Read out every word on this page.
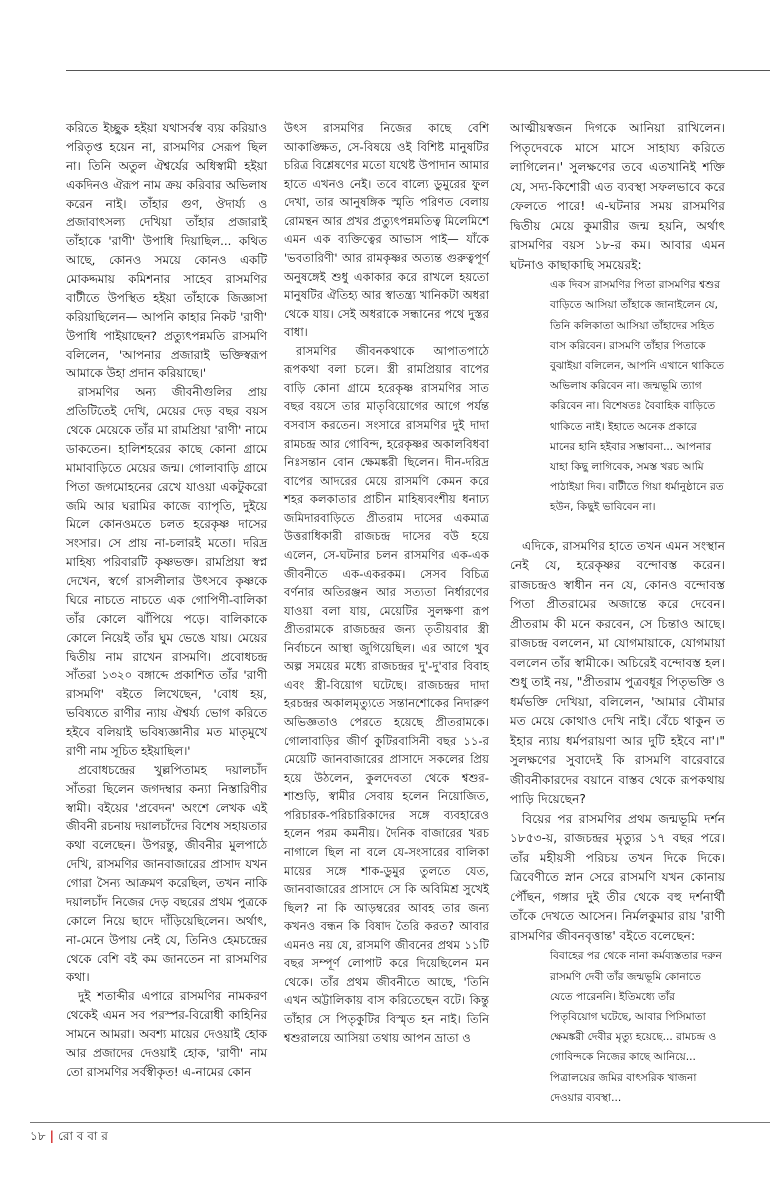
করিতে ইচ্ছুক হইয়া যথাসর্বস্ব ব্যয় করিয়াও পরিতৃপ্ত হয়েন না, রাসমণির সেরূপ ছিল না। তিনি অতুল ঐশ্বর্যের অধিস্বামী হইয়া একদিনও ঐরূপ নাম ক্রয় করিবার অভিলাষ করেন নাই। তাঁহার গুণ, ঔদার্য্য ও প্রজাবাৎসল্য দেখিয়া তাঁহার প্রজারাই তাঁহাকে 'রাণী' উপাধি দিয়াছিল... কথিত আছে, কোনও সময়ে কোনও একটি মোকদ্দমায় কমিশনার সাহেব রাসমণির বাটীতে উপস্থিত হইয়া তাঁহাকে জিজ্ঞাসা করিয়াছিলেন— আপনি কাহার নিকট 'রাণী' উপাধি পাইয়াছেন? প্রত্যুৎপন্নমতি রাসমণি বলিলেন, 'আপনার প্রজারাই ভক্তিস্বরূপ আমাকে উহা প্রদান করিয়াছে।'

রাসমণির অন্য জীবনীগুলির প্রায় প্রতিটিতেই দেখি, মেয়ের দেড় বছর বয়স থেকে মেয়েকে তাঁর মা রামপ্রিয়া 'রাণী' নামে ডাকতেন। হালিশহরের কাছে কোনা গ্রামে মামাবাড়িতে মেয়ের জন্ম। গোলাবাড়ি গ্রামে পিতা জগমোহনের রেখে যাওয়া একটুকরো জমি আর ঘরামির কাজে ব্যাপৃতি, দুইয়ে মিলে কোনওমতে চলত হরেকৃষ্ণ দাসের সংসার। সে প্রায় না-চলারই মতো। দরিদ্র মাহিষ্য পরিবারটি কৃষ্ণভক্ত। রামপ্রিয়া স্বপ্ন দেখেন, স্বর্গে রাসলীলার উৎসবে কৃষ্ণকে ঘিরে নাচতে নাচতে এক গোপিণী-বালিকা তাঁর কোলে ঝাঁপিয়ে পড়ে। বালিকাকে কোলে নিয়েই তাঁর ঘুম ভেঙে যায়। মেয়ের দ্বিতীয় নাম রাখেন রাসমণি। প্রবোধচন্দ্র সাঁতরা ১৩২০ বঙ্গাব্দে প্রকাশিত তাঁর 'রাণী রাসমণি' বইতে লিখেছেন, 'বোধ হয়, ভবিষ্যতে রাণীর ন্যায় ঐশ্বর্য্য ভোগ করিতে হইবে বলিয়াই ভবিষ্যজ্ঞানীর মত মাতৃমুখে রাণী নাম সূচিত হইয়াছিল।'

প্রবোধচন্দ্রের খুল্লপিতামহ দয়ালচাঁদ সাঁতরা ছিলেন জগদম্বার কন্যা নিস্তারিণীর স্বামী। বইয়ের 'প্রবেদন' অংশে লেখক এই জীবনী রচনায় দয়ালচাঁদের বিশেষ সহায়তার কথা বলেছেন। উপরন্তু, জীবনীর মুলপাঠে দেখি, রাসমণির জানবাজারের প্রাসাদ যখন গোরা সৈন্য আক্রমণ করেছিল, তখন নাকি দয়ালচাঁদ নিজের দেড় বছরের প্রথম পুত্রকে কোলে নিয়ে ছাদে দাঁড়িয়েছিলেন। অর্থাৎ, না-মেনে উপায় নেই যে, তিনিও হেমচন্দ্রের থেকে বেশি বই কম জানতেন না রাসমণির কথা।

দুই শতাব্দীর এপারে রাসমণির নামকরণ থেকেই এমন সব পরস্পর-বিরোধী কাহিনির সামনে আমরা। অবশ্য মায়ের দেওয়াই হোক আর প্রজাদের দেওয়াই হোক, 'রাণী' নাম তো রাসমণির সর্বস্বীকৃত! এ-নামের কোন

উৎস রাসমণির নিজের কাছে বেশি আকাঙ্ক্ষিত, সে-বিষয়ে ওই বিশিষ্ট মানুষটির চরিত্র বিশ্লেষণের মতো যথেষ্ট উপাদান আমার হাতে এখনও নেই। তবে বাল্যে ডুমুরের ফুল দেখা, তার আনুষঙ্গিক স্মৃতি পরিণত বেলায় রোমন্থন আর প্রখর প্রত্যুৎপন্নমতিত্ব মিলেমিশে এমন এক ব্যক্তিত্বের আভাস পাই— যাঁকে 'ভবতারিণী' আর রামকৃষ্ণর অত্যন্ত গুরুত্বপূর্ণ অনুষঙ্গেই শুধু একাকার করে রাখলে হয়তো মানুষটির ঐতিহ্য আর স্বাতন্ত্র্য খানিকটা অধরা থেকে যায়। সেই অধরাকে সন্ধানের পথে দুস্তর বাধা।

রাসমণির জীবনকথাকে আপাতপাঠে রূপকথা বলা চলে। স্ত্রী রামপ্রিয়ার বাপের বাড়ি কোনা গ্রামে হরেকৃষ্ণ রাসমণির সাত বছর বয়সে তার মাতৃবিয়োগের আগে পর্যন্ত বসবাস করতেন। সংসারে রাসমণির দুই দাদা রামচন্দ্র আর গোবিন্দ, হরেকৃষ্ণর অকালবিধবা নিঃসন্তান বোন ক্ষেমঙ্করী ছিলেন। দীন-দরিদ্র বাপের আদরের মেয়ে রাসমণি কেমন করে শহর কলকাতার প্রাচীন মাহিষ্যবংশীয় ধনাঢ্য জমিদারবাড়িতে প্রীতরাম দাসের একমাত্র উত্তরাধিকারী রাজচন্দ্র দাসের বউ হয়ে এলেন, সে-ঘটনার চলন রাসমণির এক-এক জীবনীতে এক-একরকম। সেসব বিচিত্র বর্ণনার অতিরঞ্জন আর সত্যতা নির্ধারণের যাওয়া বলা যায়, মেয়েটির সুলক্ষণা রূপ প্রীতরামকে রাজচন্দ্রর জন্য তৃতীয়বার স্ত্রী নির্বাচনে আস্থা জুগিয়েছিল। এর আগে খুব অল্প সময়ের মধ্যে রাজচন্দ্রর দু'-দু'বার বিবাহ এবং স্ত্রী-বিয়োগ ঘটেছে। রাজচন্দ্রর দাদা হরচন্দ্রর অকালমৃত্যুতে সন্তানশোকের নিদারুণ অভিজ্ঞতাও পেরতে হয়েছে প্রীতরামকে। গোলাবাড়ির জীর্ণ কুটিরবাসিনী বছর ১১-র মেয়েটি জানবাজারের প্রাসাদে সকলের প্রিয় হয়ে উঠলেন, কুলদেবতা থেকে শ্বশুর-শাশুড়ি, স্বামীর সেবায় হলেন নিয়োজিত, পরিচারক-পরিচারিকাদের সঙ্গে ব্যবহারেও হলেন পরম কমনীয়। দৈনিক বাজারের খরচ নাগালে ছিল না বলে যে-সংসারের বালিকা মায়ের সঙ্গে শাক-ডুমুর তুলতে যেত, জানবাজারের প্রাসাদে সে কি অবিমিশ্র সুখেই ছিল? না কি আড়ম্বরের আবহ তার জন্য কখনও বন্ধন কি বিষাদ তৈরি করত? আবার এমনও নয় যে, রাসমণি জীবনের প্রথম ১১টি বছর সম্পূর্ণ লোপাট করে দিয়েছিলেন মন থেকে। তাঁর প্রথম জীবনীতে আছে, 'তিনি এখন অট্টালিকায় বাস করিতেছেন বটে। কিন্তু তাঁহার সে পিতৃকুটির বিস্মৃত হন নাই। তিনি শ্বশুরালয়ে আসিয়া তথায় আপন ভ্রাতা ও

আত্মীয়স্বজন দিগকে আনিয়া রাখিলেন। পিতৃদেবকে মাসে মাসে সাহায্য করিতে লাগিলেন।' সুলক্ষণের তবে এতখানিই শক্তি যে, সদ্য-কিশোরী এত ব্যবস্থা সফলভাবে করে ফেলতে পারে! এ-ঘটনার সময় রাসমণির দ্বিতীয় মেয়ে কুমারীর জন্ম হয়নি, অর্থাৎ রাসমণির বয়স ১৮-র কম। আবার এমন ঘটনাও কাছাকাছি সময়েরই:

এক দিবস রাসমণির পিতা রাসমণির শ্বশুর বাড়িতে আসিয়া তাঁহাকে জানাইলেন যে, তিনি কলিকাতা আসিয়া তাঁহাদের সহিত বাস করিবেন। রাসমণি তাঁহার পিতাকে বুঝাইয়া বলিলেন, আপনি এখানে থাকিতে অভিলাষ করিবেন না। জন্মভূমি ত্যাগ করিবেন না। বিশেষতঃ বৈবাহিক বাড়িতে থাকিতে নাই। ইহাতে অনেক প্রকারে মানের হানি হইবার সম্ভাবনা... আপনার যাহা কিছু লাগিবেক, সমস্ত খরচ আমি পাঠাইয়া দিব। বাটীতে গিয়া ধর্মানুষ্ঠানে রত হউন, কিছুই ভাবিবেন না।

এদিকে, রাসমণির হাতে তখন এমন সংস্থান নেই যে, হরেকৃষ্ণর বন্দোবস্ত করেন। রাজচন্দ্রও স্বাধীন নন যে, কোনও বন্দোবস্ত পিতা প্রীতরামের অজান্তে করে দেবেন। প্রীতরাম কী মনে করবেন, সে চিন্তাও আছে। রাজচন্দ্র বললেন, মা যোগমায়াকে, যোগমায়া বললেন তাঁর স্বামীকে। অচিরেই বন্দোবস্ত হল। শুধু তাই নয়, "প্রীতরাম পুত্রবধূর পিতৃভক্তি ও ধর্মভক্তি দেখিয়া, বলিলেন, 'আমার বৌমার মত মেয়ে কোথাও দেখি নাই। বেঁচে থাকুন ত ইহার ন্যায় ধর্মপরায়ণা আর দুটি হইবে না'।" সুলক্ষণের সুবাদেই কি রাসমণি বারেবারে জীবনীকারদের বয়ানে বাস্তব থেকে রূপকথায় পাড়ি দিয়েছেন?

বিয়ের পর রাসমণির প্রথম জন্মভূমি দর্শন ১৮৫৩-য়, রাজচন্দ্রর মৃত্যুর ১৭ বছর পরে। তাঁর মহীয়সী পরিচয় তখন দিকে দিকে। ত্রিবেণীতে স্নান সেরে রাসমণি যখন কোনায় পৌঁছন, গঙ্গার দুই তীর থেকে বহু দর্শনার্থী তাঁকে দেখতে আসেন। নির্মলকুমার রায় 'রাণী রাসমণির জীবনবৃত্তান্ত' বইতে বলেছেন:

বিবাহের পর থেকে নানা কর্মব্যস্ততার দরুন রাসমণি দেবী তাঁর জন্মভূমি কোনাতে যেতে পারেননি। ইতিমধ্যে তাঁর পিতৃবিয়োগ ঘটেছে, আবার পিসিমাতা ক্ষেমঙ্করী দেবীর মৃত্যু হয়েছে... রামচন্দ্র ও গোবিন্দকে নিজের কাছে আনিয়ে... পিত্রালয়ের জমির বাৎসরিক খাজনা দেওয়ার ব্যবস্থা...

১৮ | রো ব বা র
